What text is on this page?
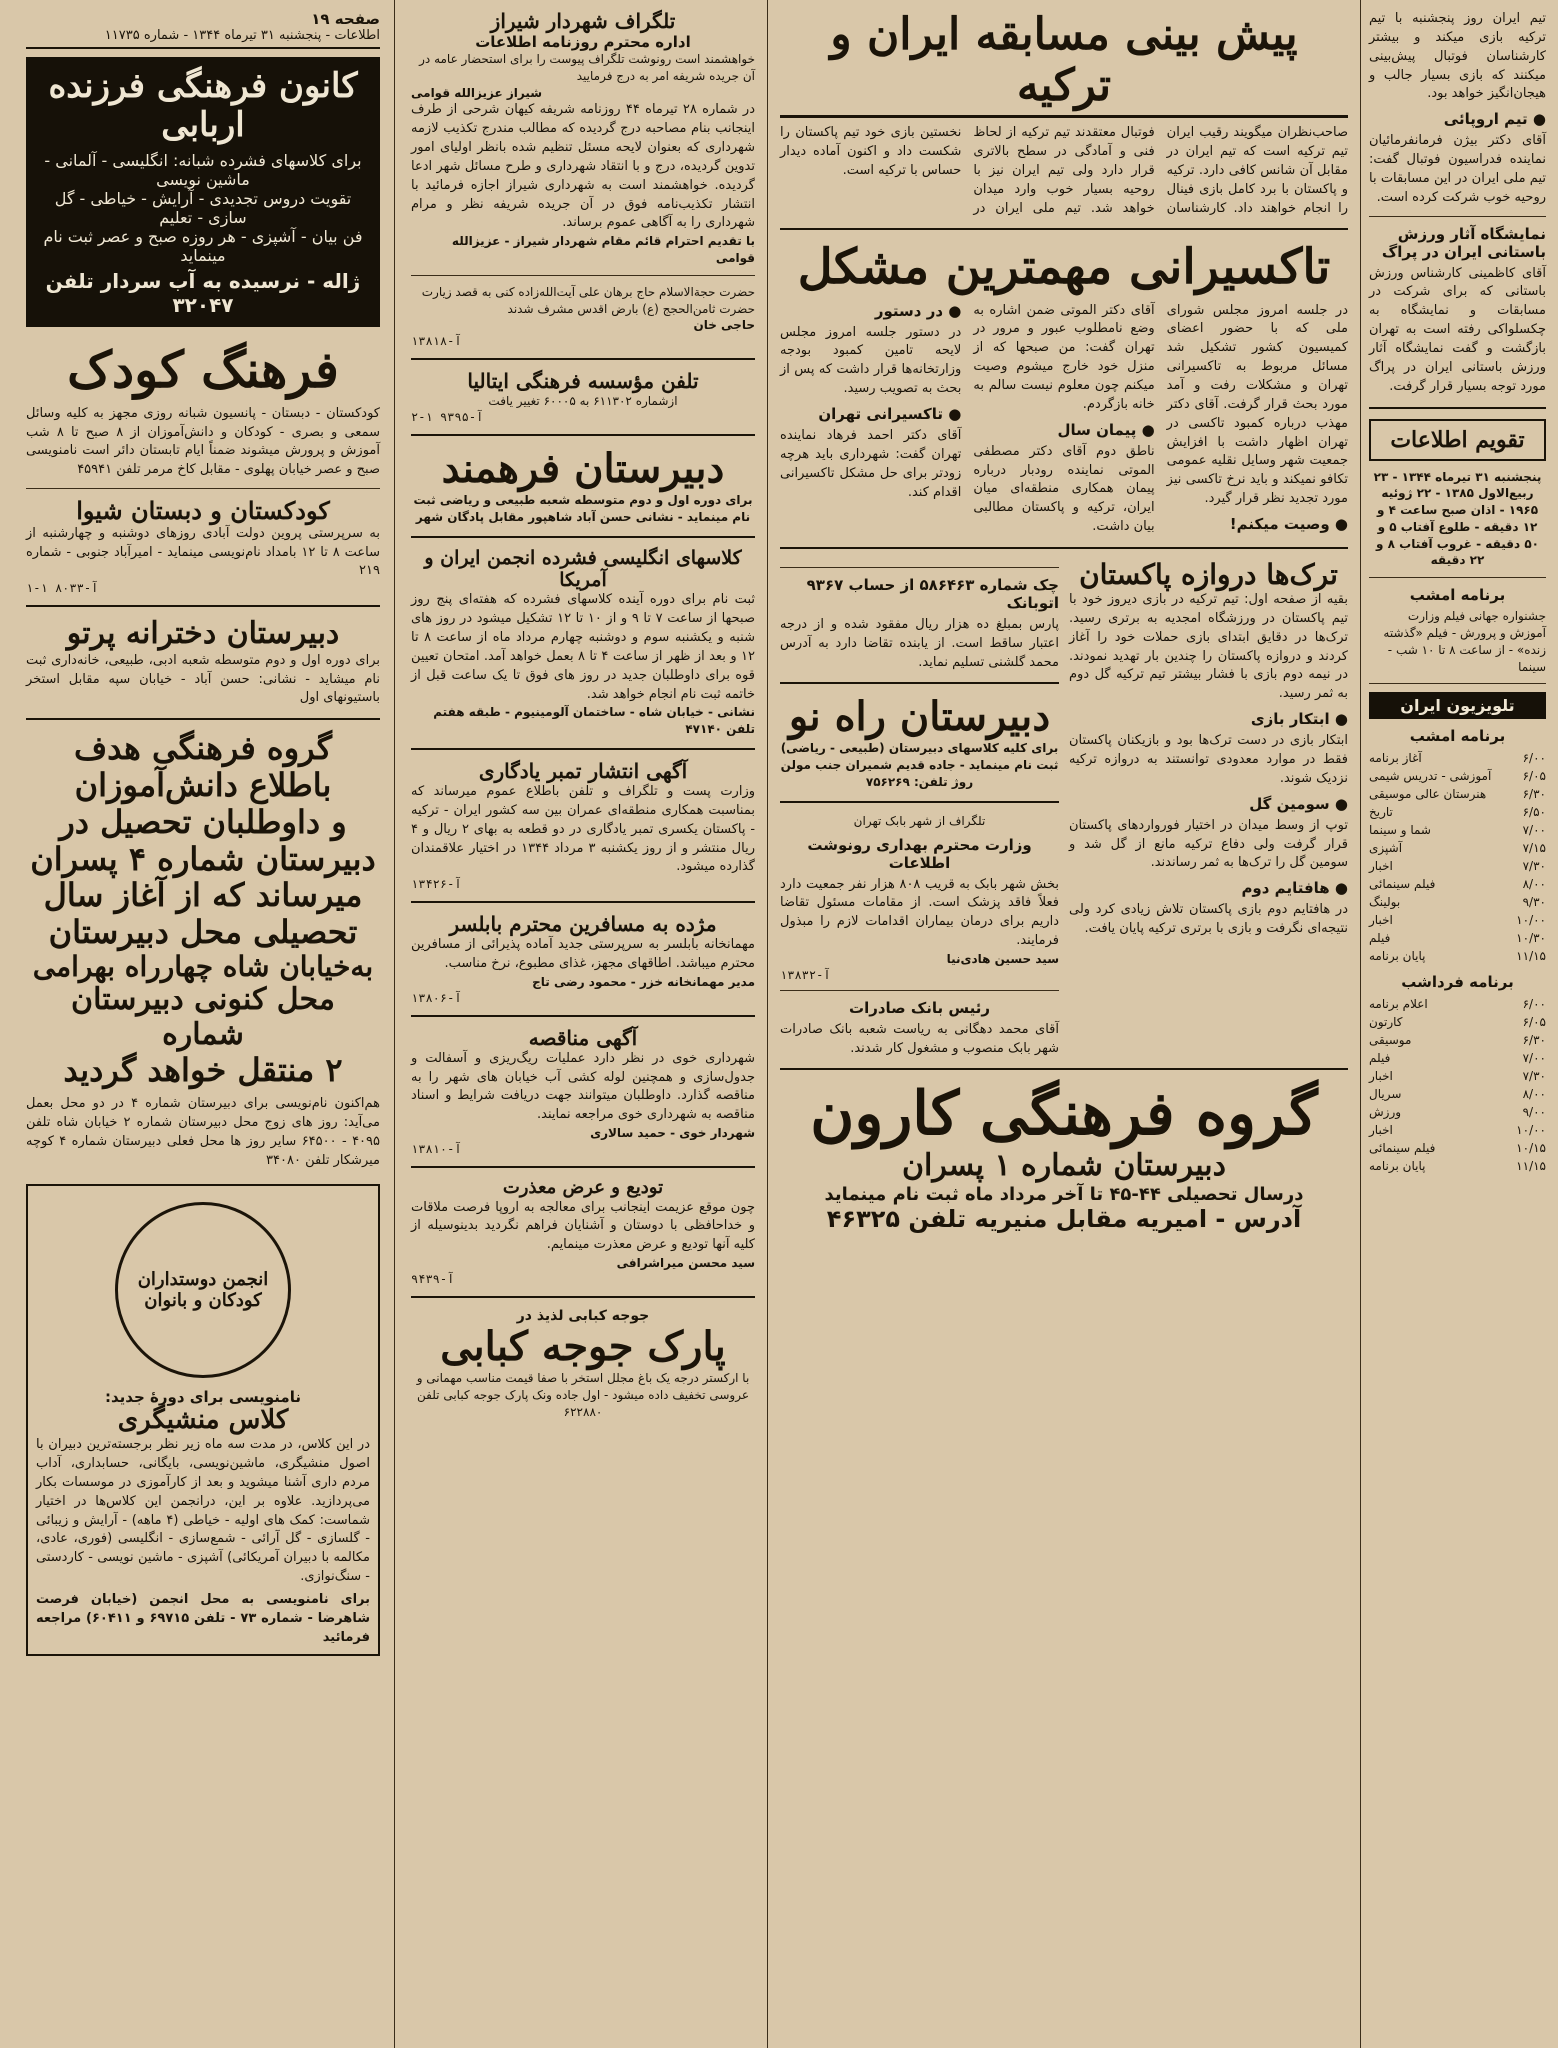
صفحه ۱۹
اطلاعات - پنجشنبه ۳۱ تیرماه ۱۳۴۴ - شماره ۱۱۷۳۵
کانون فرهنگی فرزنده اربابی
برای کلاسهای فشرده شبانه: انگلیسی - آلمانی - ماشین نویسی
تقویت دروس تجدیدی - آرایش - خیاطی - گل سازی - تعلیم
فن بیان - آشپزی - هر روزه صبح و عصر ثبت نام مینماید
ژاله - نرسیده به آب سردار تلفن ۳۲۰۴۷
فرهنگ کودک
کودکستان - دبستان - پانسیون شبانه روزی مجهز به کلیه وسائل سمعی و بصری - کودکان و دانش‌آموزان از ۸ صبح تا ۸ شب آموزش و پرورش میشوند ضمناً ایام تابستان دائر است نامنویسی صبح و عصر خیابان پهلوی - مقابل کاخ مرمر تلفن ۴۵۹۴۱
کودکستان و دبستان شیوا
به سرپرستی پروین دولت آبادی روزهای دوشنبه و چهارشنبه از ساعت ۸ تا ۱۲ بامداد نام‌نویسی مینماید - امیرآباد جنوبی - شماره ۲۱۹
آ-۸۰۳۳ ۱-۱
دبیرستان دخترانه پرتو
برای دوره اول و دوم متوسطه شعبه ادبی، طبیعی، خانه‌داری ثبت نام میشاید - نشانی: حسن آباد - خیابان سپه مقابل استخر باستیونهای اول
گروه فرهنگی هدف
باطلاع دانش‌آموزان
و داوطلبان تحصیل در
دبیرستان شماره ۴ پسران
میرساند که از آغاز سال
تحصیلی محل دبیرستان
به‌خیابان شاه چهارراه بهرامی
محل کنونی دبیرستان شماره
۲ منتقل خواهد گردید
هم‌اکنون نام‌نویسی برای دبیرستان شماره ۴ در دو محل بعمل می‌آید: روز های زوج محل دبیرستان شماره ۲ خیابان شاه تلفن ۴۰۹۵ - ۶۴۵۰۰ سایر روز ها محل فعلی دبیرستان شماره ۴ کوچه میرشکار تلفن ۳۴۰۸۰
انجمن دوستداران کودکان و بانوان
نامنویسی برای دورهٔ جدید:
کلاس منشیگری
در این کلاس، در مدت سه ماه زیر نظر برجسته‌ترین دبیران با اصول منشیگری، ماشین‌نویسی، بایگانی، حسابداری، آداب مردم داری آشنا میشوید و بعد از کارآموزی در موسسات بکار می‌پردازید. علاوه بر این، درانجمن این کلاس‌ها در اختیار شماست: کمک های اولیه - خیاطی (۴ ماهه) - آرایش و زیبائی - گلسازی - گل آرائی - شمع‌سازی - انگلیسی (فوری، عادی، مکالمه با دبیران آمریکائی) آشپزی - ماشین نویسی - کاردستی - سنگ‌نوازی.
برای نامنویسی به محل انجمن (خیابان فرصت شاهرضا - شماره ۷۳ - تلفن ۶۹۷۱۵ و ۶۰۴۱۱) مراجعه فرمائید
تلگراف شهردار شیراز
اداره محترم روزنامه اطلاعات
خواهشمند است رونوشت تلگراف پیوست را برای استحضار عامه در آن جریده شریفه امر به درج فرمایید
شیراز عزیزالله قوامی
در شماره ۲۸ تیرماه ۴۴ روزنامه شریفه کیهان شرحی از طرف اینجانب بنام مصاحبه درج گردیده که مطالب مندرج تکذیب لازمه شهرداری که بعنوان لایحه مسئل تنظیم شده بانظر اولیای امور تدوین گردیده، درج و با انتقاد شهرداری و طرح مسائل شهر ادعا گردیده. خواهشمند است به شهرداری شیراز اجازه فرمائید با انتشار تکذیب‌نامه فوق در آن جریده شریفه نظر و مرام شهرداری را به آگاهی عموم برساند.
با تقدیم احترام قائم مقام شهردار شیراز - عزیزالله قوامی
حضرت حجة‌الاسلام حاج برهان علی آیت‌الله‌زاده کنی به قصد زیارت حضرت ثامن‌الحجج (ع) بارض اقدس مشرف شدند
حاجی خان
آ-۱۳۸۱۸
تلفن مؤسسه فرهنگی ایتالیا
ازشماره ۶۱۱۳۰۲ به ۶۰۰۰۵ تغییر یافت
آ-۹۳۹۵ ۱-۲
دبیرستان فرهمند
برای دوره اول و دوم متوسطه شعبه طبیعی و ریاضی ثبت نام مینماید - نشانی حسن آباد شاهپور مقابل پادگان شهر
کلاسهای انگلیسی فشرده انجمن ایران و آمریکا
ثبت نام برای دوره آینده کلاسهای فشرده که هفته‌ای پنج روز صبحها از ساعت ۷ تا ۹ و از ۱۰ تا ۱۲ تشکیل میشود در روز های شنبه و یکشنبه سوم و دوشنبه چهارم مرداد ماه از ساعت ۸ تا ۱۲ و بعد از ظهر از ساعت ۴ تا ۸ بعمل خواهد آمد. امتحان تعیین قوه برای داوطلبان جدید در روز های فوق تا یک ساعت قبل از خاتمه ثبت نام انجام خواهد شد.
نشانی - خیابان شاه - ساختمان آلومینیوم - طبقه هفتم تلفن ۴۷۱۴۰
آگهی انتشار تمبر یادگاری
وزارت پست و تلگراف و تلفن باطلاع عموم میرساند که بمناسبت همکاری منطقه‌ای عمران بین سه کشور ایران - ترکیه - پاکستان یکسری تمبر یادگاری در دو قطعه به بهای ۲ ریال و ۴ ریال منتشر و از روز یکشنبه ۳ مرداد ۱۳۴۴ در اختیار علاقمندان گذارده میشود.
آ-۱۳۴۲۶
مژده به مسافرین محترم بابلسر
مهمانخانه بابلسر به سرپرستی جدید آماده پذیرائی از مسافرین محترم میباشد. اطاقهای مجهز، غذای مطبوع، نرخ مناسب.
مدیر مهمانخانه خزر - محمود رضی تاج
آ-۱۳۸۰۶
آگهی مناقصه
شهرداری خوی در نظر دارد عملیات ریگ‌ریزی و آسفالت و جدول‌سازی و همچنین لوله کشی آب خیابان های شهر را به مناقصه گذارد. داوطلبان میتوانند جهت دریافت شرایط و اسناد مناقصه به شهرداری خوی مراجعه نمایند.
شهردار خوی - حمید سالاری
آ-۱۳۸۱۰
تودیع و عرض معذرت
چون موقع عزیمت اینجانب برای معالجه به اروپا فرصت ملاقات و خداحافظی با دوستان و آشنایان فراهم نگردید بدینوسیله از کلیه آنها تودیع و عرض معذرت مینمایم.
سید محسن میراشرافی
آ-۹۴۳۹
جوجه کبابی لذیذ در
پارک جوجه کبابی
با ارکستر درجه یک باغ مجلل استخر با صفا قیمت مناسب مهمانی و عروسی تخفیف داده میشود - اول جاده ونک پارک جوجه کبابی تلفن ۶۲۲۸۸۰
پیش بینی مسابقه ایران و ترکیه
صاحب‌نظران میگویند رقیب ایران تیم ترکیه است که تیم ایران در مقابل آن شانس کافی دارد. ترکیه و پاکستان با برد کامل بازی فینال را انجام خواهند داد. کارشناسان فوتبال معتقدند تیم ترکیه از لحاظ فنی و آمادگی در سطح بالاتری قرار دارد ولی تیم ایران نیز با روحیه بسیار خوب وارد میدان خواهد شد. تیم ملی ایران در نخستین بازی خود تیم پاکستان را شکست داد و اکنون آماده دیدار حساس با ترکیه است.
تاکسیرانی مهمترین مشکل
در جلسه امروز مجلس شورای ملی که با حضور اعضای کمیسیون کشور تشکیل شد مسائل مربوط به تاکسیرانی تهران و مشکلات رفت و آمد مورد بحث قرار گرفت. آقای دکتر مهذب درباره کمبود تاکسی در تهران اظهار داشت با افزایش جمعیت شهر وسایل نقلیه عمومی تکافو نمیکند و باید نرخ تاکسی نیز مورد تجدید نظر قرار گیرد.
● وصیت میکنم!
آقای دکتر الموتی ضمن اشاره به وضع نامطلوب عبور و مرور در تهران گفت: من صبحها که از منزل خود خارج میشوم وصیت میکنم چون معلوم نیست سالم به خانه بازگردم.
● پیمان سال
ناطق دوم آقای دکتر مصطفی الموتی نماینده رودبار درباره پیمان همکاری منطقه‌ای میان ایران، ترکیه و پاکستان مطالبی بیان داشت.
● در دستور
در دستور جلسه امروز مجلس لایحه تامین کمبود بودجه وزارتخانه‌ها قرار داشت که پس از بحث به تصویب رسید.
● تاکسیرانی تهران
آقای دکتر احمد فرهاد نماینده تهران گفت: شهرداری باید هرچه زودتر برای حل مشکل تاکسیرانی اقدام کند.
ترک‌ها دروازه پاکستان
بقیه از صفحه اول: تیم ترکیه در بازی دیروز خود با تیم پاکستان در ورزشگاه امجدیه به برتری رسید. ترک‌ها در دقایق ابتدای بازی حملات خود را آغاز کردند و دروازه پاکستان را چندین بار تهدید نمودند. در نیمه دوم بازی با فشار بیشتر تیم ترکیه گل دوم به ثمر رسید.
● ابتکار بازی
ابتکار بازی در دست ترک‌ها بود و بازیکنان پاکستان فقط در موارد معدودی توانستند به دروازه ترکیه نزدیک شوند.
● سومین گل
توپ از وسط میدان در اختیار فورواردهای پاکستان قرار گرفت ولی دفاع ترکیه مانع از گل شد و سومین گل را ترک‌ها به ثمر رساندند.
● هافتایم دوم
در هافتایم دوم بازی پاکستان تلاش زیادی کرد ولی نتیجه‌ای نگرفت و بازی با برتری ترکیه پایان یافت.
چک شماره ۵۸۶۴۶۳ از حساب ۹۳۶۷ اتوبانک
پارس بمبلغ ده هزار ریال مفقود شده و از درجه اعتبار ساقط است. از یابنده تقاضا دارد به آدرس محمد گلشنی تسلیم نماید.
دبیرستان راه نو
برای کلیه کلاسهای دبیرستان (طبیعی - ریاضی) ثبت نام مینماید - جاده قدیم شمیران جنب مولن روژ تلفن: ۷۵۶۲۶۹
تلگراف از شهر بابک تهران
وزارت محترم بهداری رونوشت اطلاعات
بخش شهر بابک به قریب ۸۰۸ هزار نفر جمعیت دارد فعلاً فاقد پزشک است. از مقامات مسئول تقاضا داریم برای درمان بیماران اقدامات لازم را مبذول فرمایند.
سید حسین هادی‌نیا
آ-۱۳۸۳۲
رئیس بانک صادرات
آقای محمد دهگانی به ریاست شعبه بانک صادرات شهر بابک منصوب و مشغول کار شدند.
گروه فرهنگی کارون
دبیرستان شماره ۱ پسران
درسال تحصیلی ۴۴-۴۵ تا آخر مرداد ماه ثبت نام مینماید
آدرس - امیریه مقابل منیریه تلفن ۴۶۳۲۵
تیم ایران روز پنجشنبه با تیم ترکیه بازی میکند و بیشتر کارشناسان فوتبال پیش‌بینی میکنند که بازی بسیار جالب و هیجان‌انگیز خواهد بود.
● تیم اروپائی
آقای دکتر بیژن فرمانفرمائیان نماینده فدراسیون فوتبال گفت: تیم ملی ایران در این مسابقات با روحیه خوب شرکت کرده است.
نمایشگاه آثار ورزش باستانی ایران در پراگ
آقای کاظمینی کارشناس ورزش باستانی که برای شرکت در مسابقات و نمایشگاه به چکسلواکی رفته است به تهران بازگشت و گفت نمایشگاه آثار ورزش باستانی ایران در پراگ مورد توجه بسیار قرار گرفت.
تقویم اطلاعات
پنجشنبه ۳۱ تیرماه ۱۳۴۴ - ۲۳ ربیع‌الاول ۱۳۸۵ - ۲۲ ژوئیه ۱۹۶۵ - اذان صبح ساعت ۴ و ۱۲ دقیقه - طلوع آفتاب ۵ و ۵۰ دقیقه - غروب آفتاب ۸ و ۲۲ دقیقه
برنامه امشب
جشنواره جهانی فیلم وزارت آموزش و پرورش - فیلم «گذشته زنده» - از ساعت ۸ تا ۱۰ شب - سینما
تلویزیون ایران
برنامه امشب
۶/۰۰
آغاز برنامه
۶/۰۵
آموزشی - تدریس شیمی
۶/۳۰
هنرستان عالی موسیقی
۶/۵۰
تاریخ
۷/۰۰
شما و سینما
۷/۱۵
آشپزی
۷/۳۰
اخبار
۸/۰۰
فیلم سینمائی
۹/۳۰
بولینگ
۱۰/۰۰
اخبار
۱۰/۳۰
فیلم
۱۱/۱۵
پایان برنامه
برنامه فرداشب
۶/۰۰
اعلام برنامه
۶/۰۵
کارتون
۶/۳۰
موسیقی
۷/۰۰
فیلم
۷/۳۰
اخبار
۸/۰۰
سریال
۹/۰۰
ورزش
۱۰/۰۰
اخبار
۱۰/۱۵
فیلم سینمائی
۱۱/۱۵
پایان برنامه
